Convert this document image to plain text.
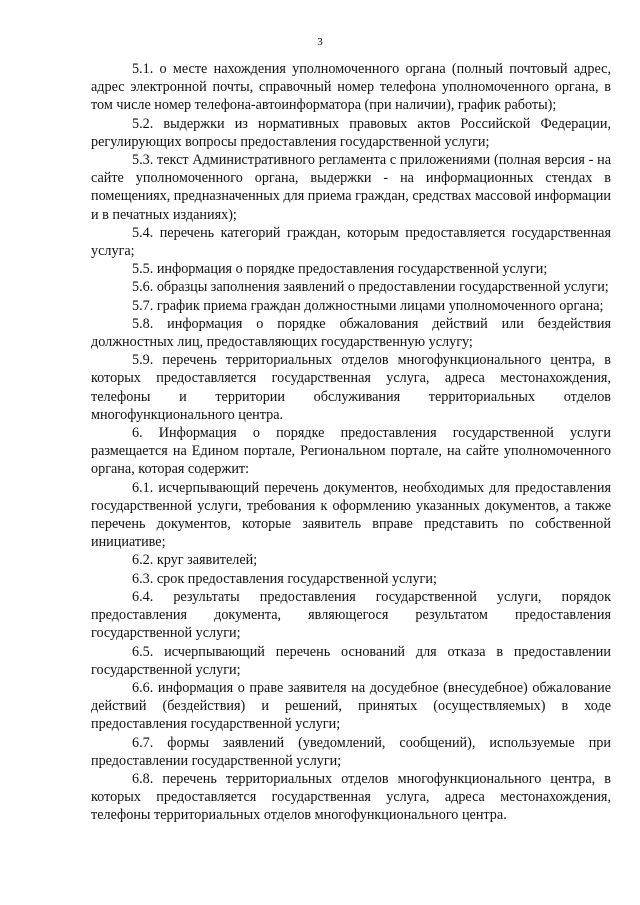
3

5.1. о месте нахождения уполномоченного органа (полный почтовый адрес, адрес электронной почты, справочный номер телефона уполномоченного органа, в том числе номер телефона-автоинформатора (при наличии), график работы);

5.2. выдержки из нормативных правовых актов Российской Федерации, регулирующих вопросы предоставления государственной услуги;

5.3. текст Административного регламента с приложениями (полная версия - на сайте уполномоченного органа, выдержки - на информационных стендах в помещениях, предназначенных для приема граждан, средствах массовой информации и в печатных изданиях);

5.4. перечень категорий граждан, которым предоставляется государственная услуга;

5.5. информация о порядке предоставления государственной услуги;

5.6. образцы заполнения заявлений о предоставлении государственной услуги;

5.7. график приема граждан должностными лицами уполномоченного органа;

5.8. информация о порядке обжалования действий или бездействия должностных лиц, предоставляющих государственную услугу;

5.9. перечень территориальных отделов многофункционального центра, в которых предоставляется государственная услуга, адреса местонахождения, телефоны и территории обслуживания территориальных отделов многофункционального центра.

6. Информация о порядке предоставления государственной услуги размещается на Едином портале, Региональном портале, на сайте уполномоченного органа, которая содержит:

6.1. исчерпывающий перечень документов, необходимых для предоставления государственной услуги, требования к оформлению указанных документов, а также перечень документов, которые заявитель вправе представить по собственной инициативе;

6.2. круг заявителей;

6.3. срок предоставления государственной услуги;

6.4. результаты предоставления государственной услуги, порядок предоставления документа, являющегося результатом предоставления государственной услуги;

6.5. исчерпывающий перечень оснований для отказа в предоставлении государственной услуги;

6.6. информация о праве заявителя на досудебное (внесудебное) обжалование действий (бездействия) и решений, принятых (осуществляемых) в ходе предоставления государственной услуги;

6.7. формы заявлений (уведомлений, сообщений), используемые при предоставлении государственной услуги;

6.8. перечень территориальных отделов многофункционального центра, в которых предоставляется государственная услуга, адреса местонахождения, телефоны территориальных отделов многофункционального центра.
